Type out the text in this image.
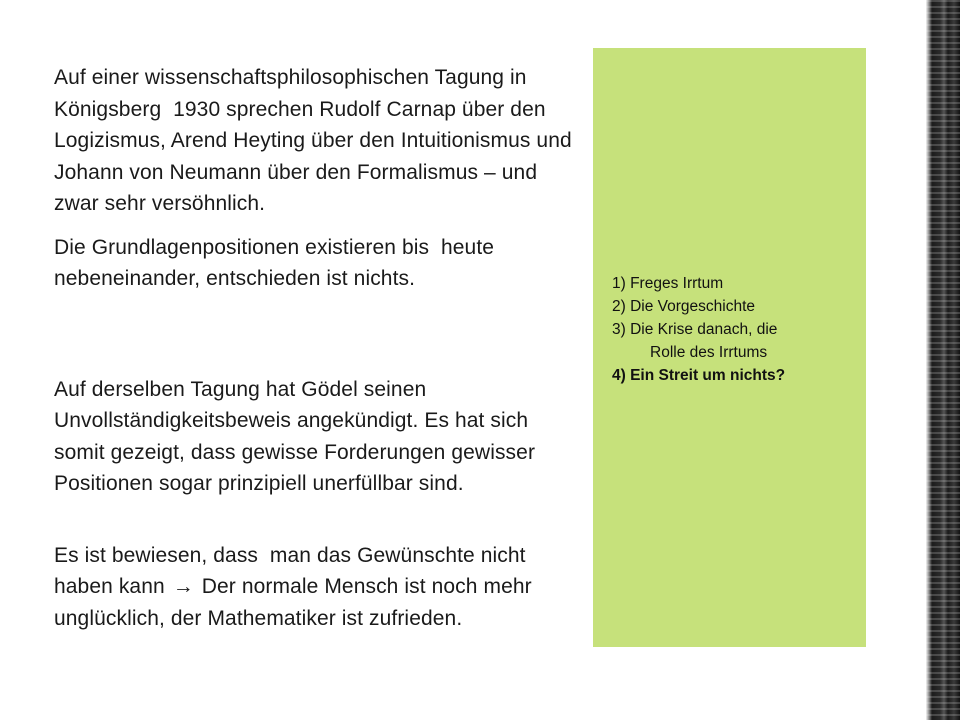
Auf einer wissenschaftsphilosophischen Tagung in Königsberg  1930 sprechen Rudolf Carnap über den Logizismus, Arend Heyting über den Intuitionismus und Johann von Neumann über den Formalismus – und zwar sehr versöhnlich.

Die Grundlagenpositionen existieren bis  heute nebeneinander, entschieden ist nichts.

Auf derselben Tagung hat Gödel seinen Unvollständigkeitsbeweis angekündigt. Es hat sich somit gezeigt, dass gewisse Forderungen gewisser Positionen sogar prinzipiell unerfüllbar sind.

Es ist bewiesen, dass  man das Gewünschte nicht haben kann → Der normale Mensch ist noch mehr unglücklich, der Mathematiker ist zufrieden.

1) Freges Irrtum
2) Die Vorgeschichte
3) Die Krise danach, die
Rolle des Irrtums
4) Ein Streit um nichts?
